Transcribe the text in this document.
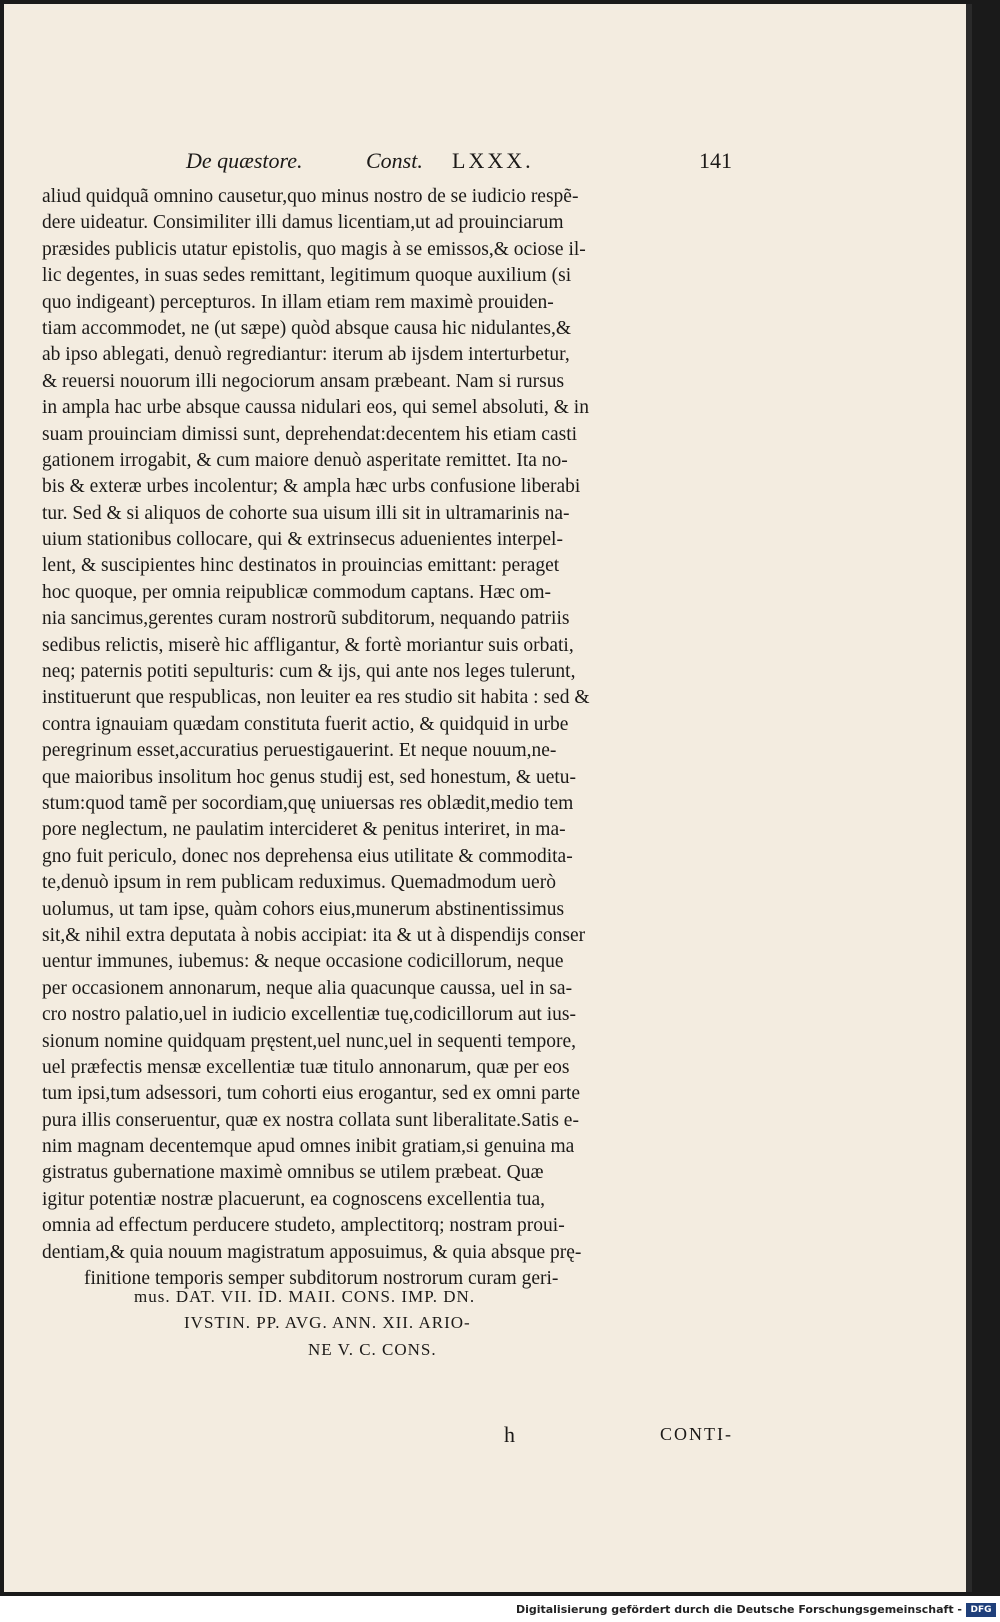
De quæstore.	Const. LXXX.	141
aliud quidquã omnino causetur,quo minus nostro de se iudicio respẽ-
dere uideatur. Consimiliter illi damus licentiam,ut ad prouinciarum
præsides publicis utatur epistolis, quo magis à se emissos,& ociose il-
lic degentes, in suas sedes remittant, legitimum quoque auxilium (si
quo indigeant) percepturos. In illam etiam rem maximè prouiden-
tiam accommodet, ne (ut sæpe) quòd absque causa hic nidulantes,&
ab ipso ablegati, denuò regrediantur: iterum ab ijsdem interturbetur,
& reuersi nouorum illi negociorum ansam præbeant. Nam si rursus
in ampla hac urbe absque caussa nidulari eos, qui semel absoluti, & in
suam prouinciam dimissi sunt, deprehendat:decentem his etiam casti
gationem irrogabit, & cum maiore denuò asperitate remittet. Ita no-
bis & exteræ urbes incolentur; & ampla hæc urbs confusione liberabi
tur. Sed & si aliquos de cohorte sua uisum illi sit in ultramarinis na-
uium stationibus collocare, qui & extrinsecus aduenientes interpel-
lent, & suscipientes hinc destinatos in prouincias emittant: peraget
hoc quoque, per omnia reipublicæ commodum captans. Hæc om-
nia sancimus,gerentes curam nostrorũ subditorum, nequando patriis
sedibus relictis, miserè hic affligantur, & fortè moriantur suis orbati,
neq; paternis potiti sepulturis: cum & ijs, qui ante nos leges tulerunt,
instituerunt que respublicas, non leuiter ea res studio sit habita : sed &
contra ignauiam quædam constituta fuerit actio, & quidquid in urbe
peregrinum esset,accuratius peruestigauerint. Et neque nouum,ne-
que maioribus insolitum hoc genus studij est, sed honestum, & uetu-
stum:quod tamẽ per socordiam,quę uniuersas res oblædit,medio tem
pore neglectum, ne paulatim intercideret & penitus interiret, in ma-
gno fuit periculo, donec nos deprehensa eius utilitate & commodita-
te,denuò ipsum in rem publicam reduximus. Quemadmodum uerò
uolumus, ut tam ipse, quàm cohors eius,munerum abstinentissimus
sit,& nihil extra deputata à nobis accipiat: ita & ut à dispendijs conser
uentur immunes, iubemus: & neque occasione codicillorum, neque
per occasionem annonarum, neque alia quacunque caussa, uel in sa-
cro nostro palatio,uel in iudicio excellentiæ tuę,codicillorum aut ius-
sionum nomine quidquam pręstent,uel nunc,uel in sequenti tempore,
uel præfectis mensæ excellentiæ tuæ titulo annonarum, quæ per eos
tum ipsi,tum adsessori, tum cohorti eius erogantur, sed ex omni parte
pura illis conseruentur, quæ ex nostra collata sunt liberalitate.Satis e-
nim magnam decentemque apud omnes inibit gratiam,si genuina ma
gistratus gubernatione maximè omnibus se utilem præbeat. Quæ
igitur potentiæ nostræ placuerunt, ea cognoscens excellentia tua,
omnia ad effectum perducere studeto, amplectitorq; nostram proui-
dentiam,& quia nouum magistratum apposuimus, & quia absque prę-
finitione temporis semper subditorum nostrorum curam geri-
mus. DAT. VII. ID. MAII. CONS. IMP. DN.
IVSTIN. PP. AVG. ANN. XII. ARIO-
NE V. C. CONS.
h	CONTI-
Digitalisierung gefördert durch die Deutsche Forschungsgemeinschaft - DFG
